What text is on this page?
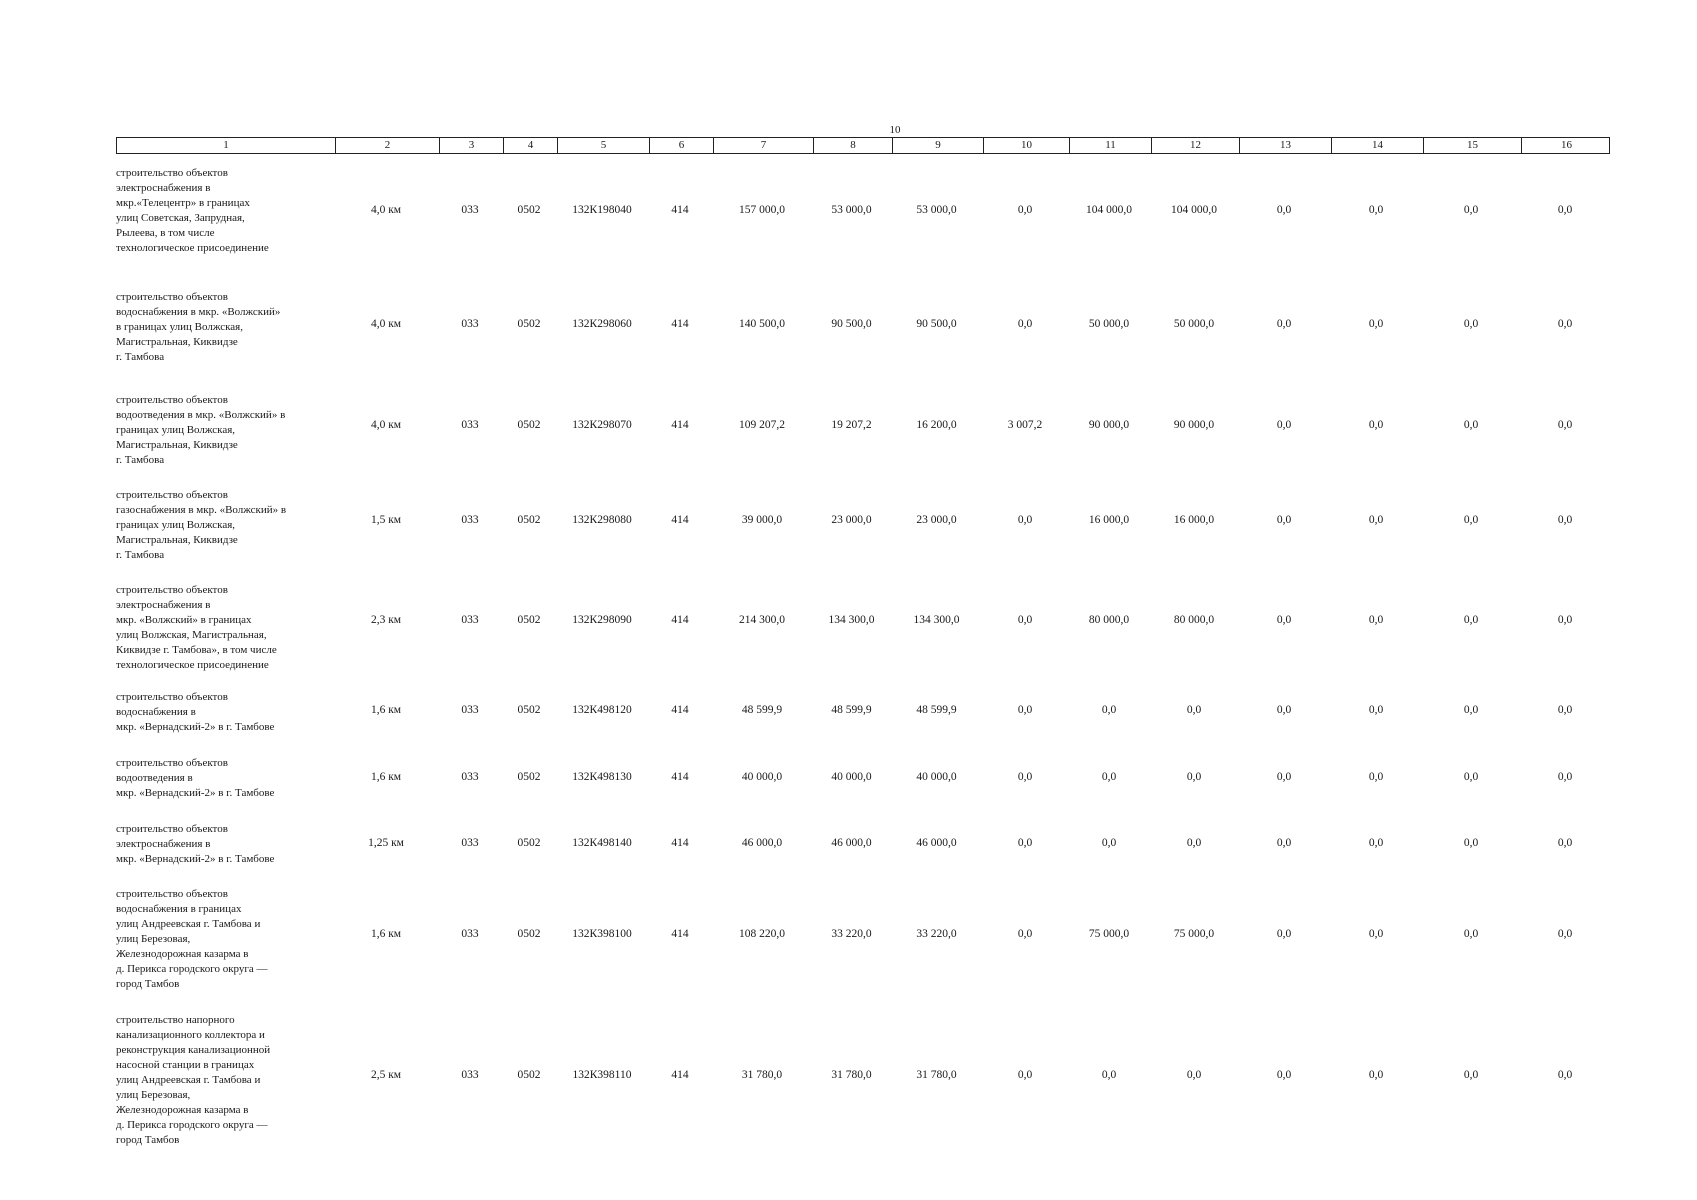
10
1	2	3	4	5	6	7	8	9	10	11	12	13	14	15	16
строительство объектов
электроснабжения в
мкр.«Телецентр» в границах
улиц Советская, Запрудная,
Рылеева, в том числе
технологическое присоединение
4,0 км	033	0502	132К198040	414	157 000,0	53 000,0	53 000,0	0,0	104 000,0	104 000,0	0,0	0,0	0,0	0,0
строительство объектов
водоснабжения в мкр. «Волжский»
в границах улиц Волжская,
Магистральная, Киквидзе
г. Тамбова
4,0 км	033	0502	132К298060	414	140 500,0	90 500,0	90 500,0	0,0	50 000,0	50 000,0	0,0	0,0	0,0	0,0
строительство объектов
водоотведения в мкр. «Волжский» в
границах улиц Волжская,
Магистральная, Киквидзе
г. Тамбова
4,0 км	033	0502	132К298070	414	109 207,2	19 207,2	16 200,0	3 007,2	90 000,0	90 000,0	0,0	0,0	0,0	0,0
строительство объектов
газоснабжения в мкр. «Волжский» в
границах улиц Волжская,
Магистральная, Киквидзе
г. Тамбова
1,5 км	033	0502	132К298080	414	39 000,0	23 000,0	23 000,0	0,0	16 000,0	16 000,0	0,0	0,0	0,0	0,0
строительство объектов
электроснабжения в
мкр. «Волжский» в границах
улиц Волжская, Магистральная,
Киквидзе г. Тамбова», в том числе
технологическое присоединение
2,3 км	033	0502	132К298090	414	214 300,0	134 300,0	134 300,0	0,0	80 000,0	80 000,0	0,0	0,0	0,0	0,0
строительство объектов
водоснабжения в
мкр. «Вернадский-2» в г. Тамбове
1,6 км	033	0502	132К498120	414	48 599,9	48 599,9	48 599,9	0,0	0,0	0,0	0,0	0,0	0,0	0,0
строительство объектов
водоотведения в
мкр. «Вернадский-2» в г. Тамбове
1,6 км	033	0502	132К498130	414	40 000,0	40 000,0	40 000,0	0,0	0,0	0,0	0,0	0,0	0,0	0,0
строительство объектов
электроснабжения в
мкр. «Вернадский-2» в г. Тамбове
1,25 км	033	0502	132К498140	414	46 000,0	46 000,0	46 000,0	0,0	0,0	0,0	0,0	0,0	0,0	0,0
строительство объектов
водоснабжения в границах
улиц Андреевская г. Тамбова и
улиц Березовая,
Железнодорожная казарма в
д. Перикса городского округа —
город Тамбов
1,6 км	033	0502	132К398100	414	108 220,0	33 220,0	33 220,0	0,0	75 000,0	75 000,0	0,0	0,0	0,0	0,0
строительство напорного
канализационного коллектора и
реконструкция канализационной
насосной станции в границах
улиц Андреевская г. Тамбова и
улиц Березовая,
Железнодорожная казарма в
д. Перикса городского округа —
город Тамбов
2,5 км	033	0502	132К398110	414	31 780,0	31 780,0	31 780,0	0,0	0,0	0,0	0,0	0,0	0,0	0,0
